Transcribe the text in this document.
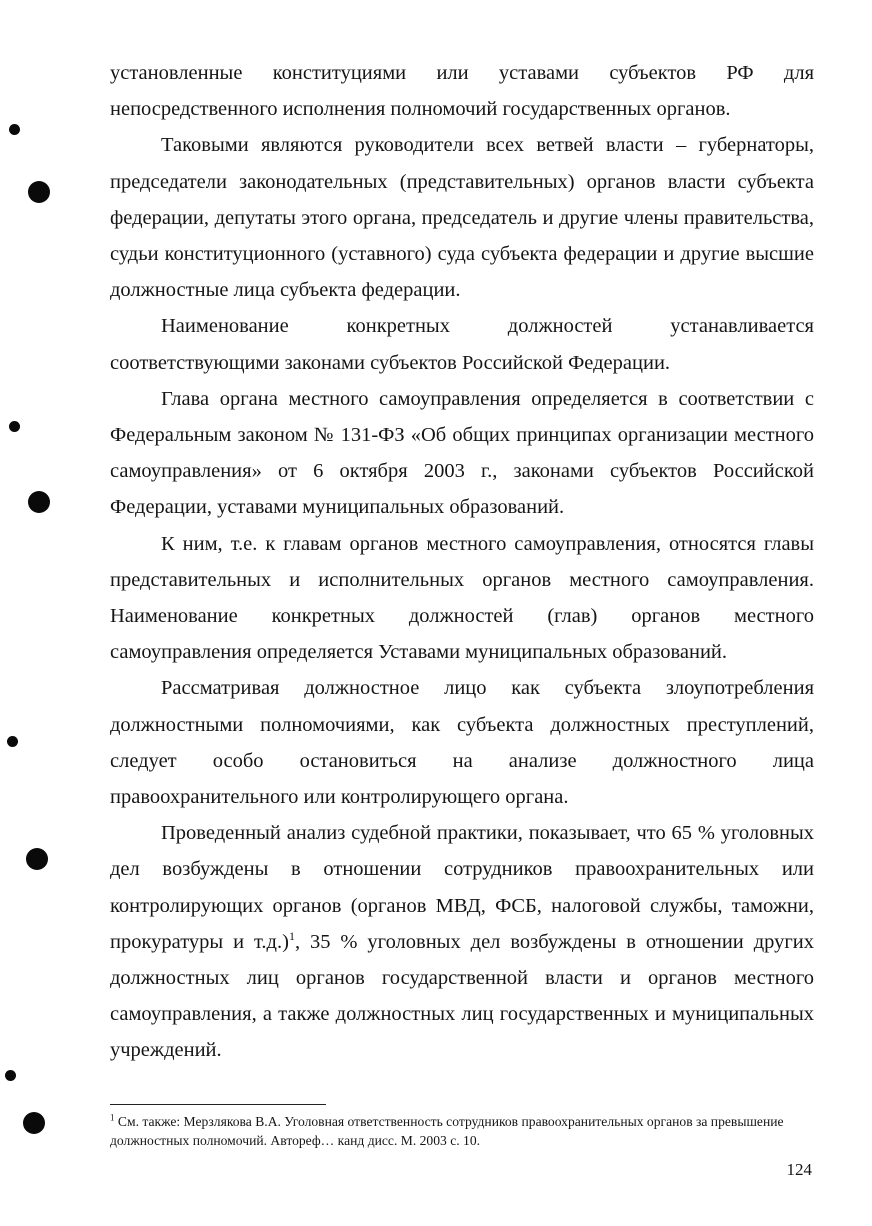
установленные конституциями или уставами субъектов РФ для непосредственного исполнения полномочий государственных органов.

Таковыми являются руководители всех ветвей власти – губернаторы, председатели законодательных (представительных) органов власти субъекта федерации, депутаты этого органа, председатель и другие члены правительства, судьи конституционного (уставного) суда субъекта федерации и другие высшие должностные лица субъекта федерации.

Наименование конкретных должностей устанавливается соответствующими законами субъектов Российской Федерации.

Глава органа местного самоуправления определяется в соответствии с Федеральным законом № 131-ФЗ «Об общих принципах организации местного самоуправления» от 6 октября 2003 г., законами субъектов Российской Федерации, уставами муниципальных образований.

К ним, т.е. к главам органов местного самоуправления, относятся главы представительных и исполнительных органов местного самоуправления. Наименование конкретных должностей (глав) органов местного самоуправления определяется Уставами муниципальных образований.

Рассматривая должностное лицо как субъекта злоупотребления должностными полномочиями, как субъекта должностных преступлений, следует особо остановиться на анализе должностного лица правоохранительного или контролирующего органа.

Проведенный анализ судебной практики, показывает, что 65 % уголовных дел возбуждены в отношении сотрудников правоохранительных или контролирующих органов (органов МВД, ФСБ, налоговой службы, таможни, прокуратуры и т.д.)$^1$, 35 % уголовных дел возбуждены в отношении других должностных лиц органов государственной власти и органов местного самоуправления, а также должностных лиц государственных и муниципальных учреждений.

$^1$ См. также: Мерзлякова В.А. Уголовная ответственность сотрудников правоохранительных органов за превышение должностных полномочий. Автореф… канд дисс. М. 2003 с. 10.
124
